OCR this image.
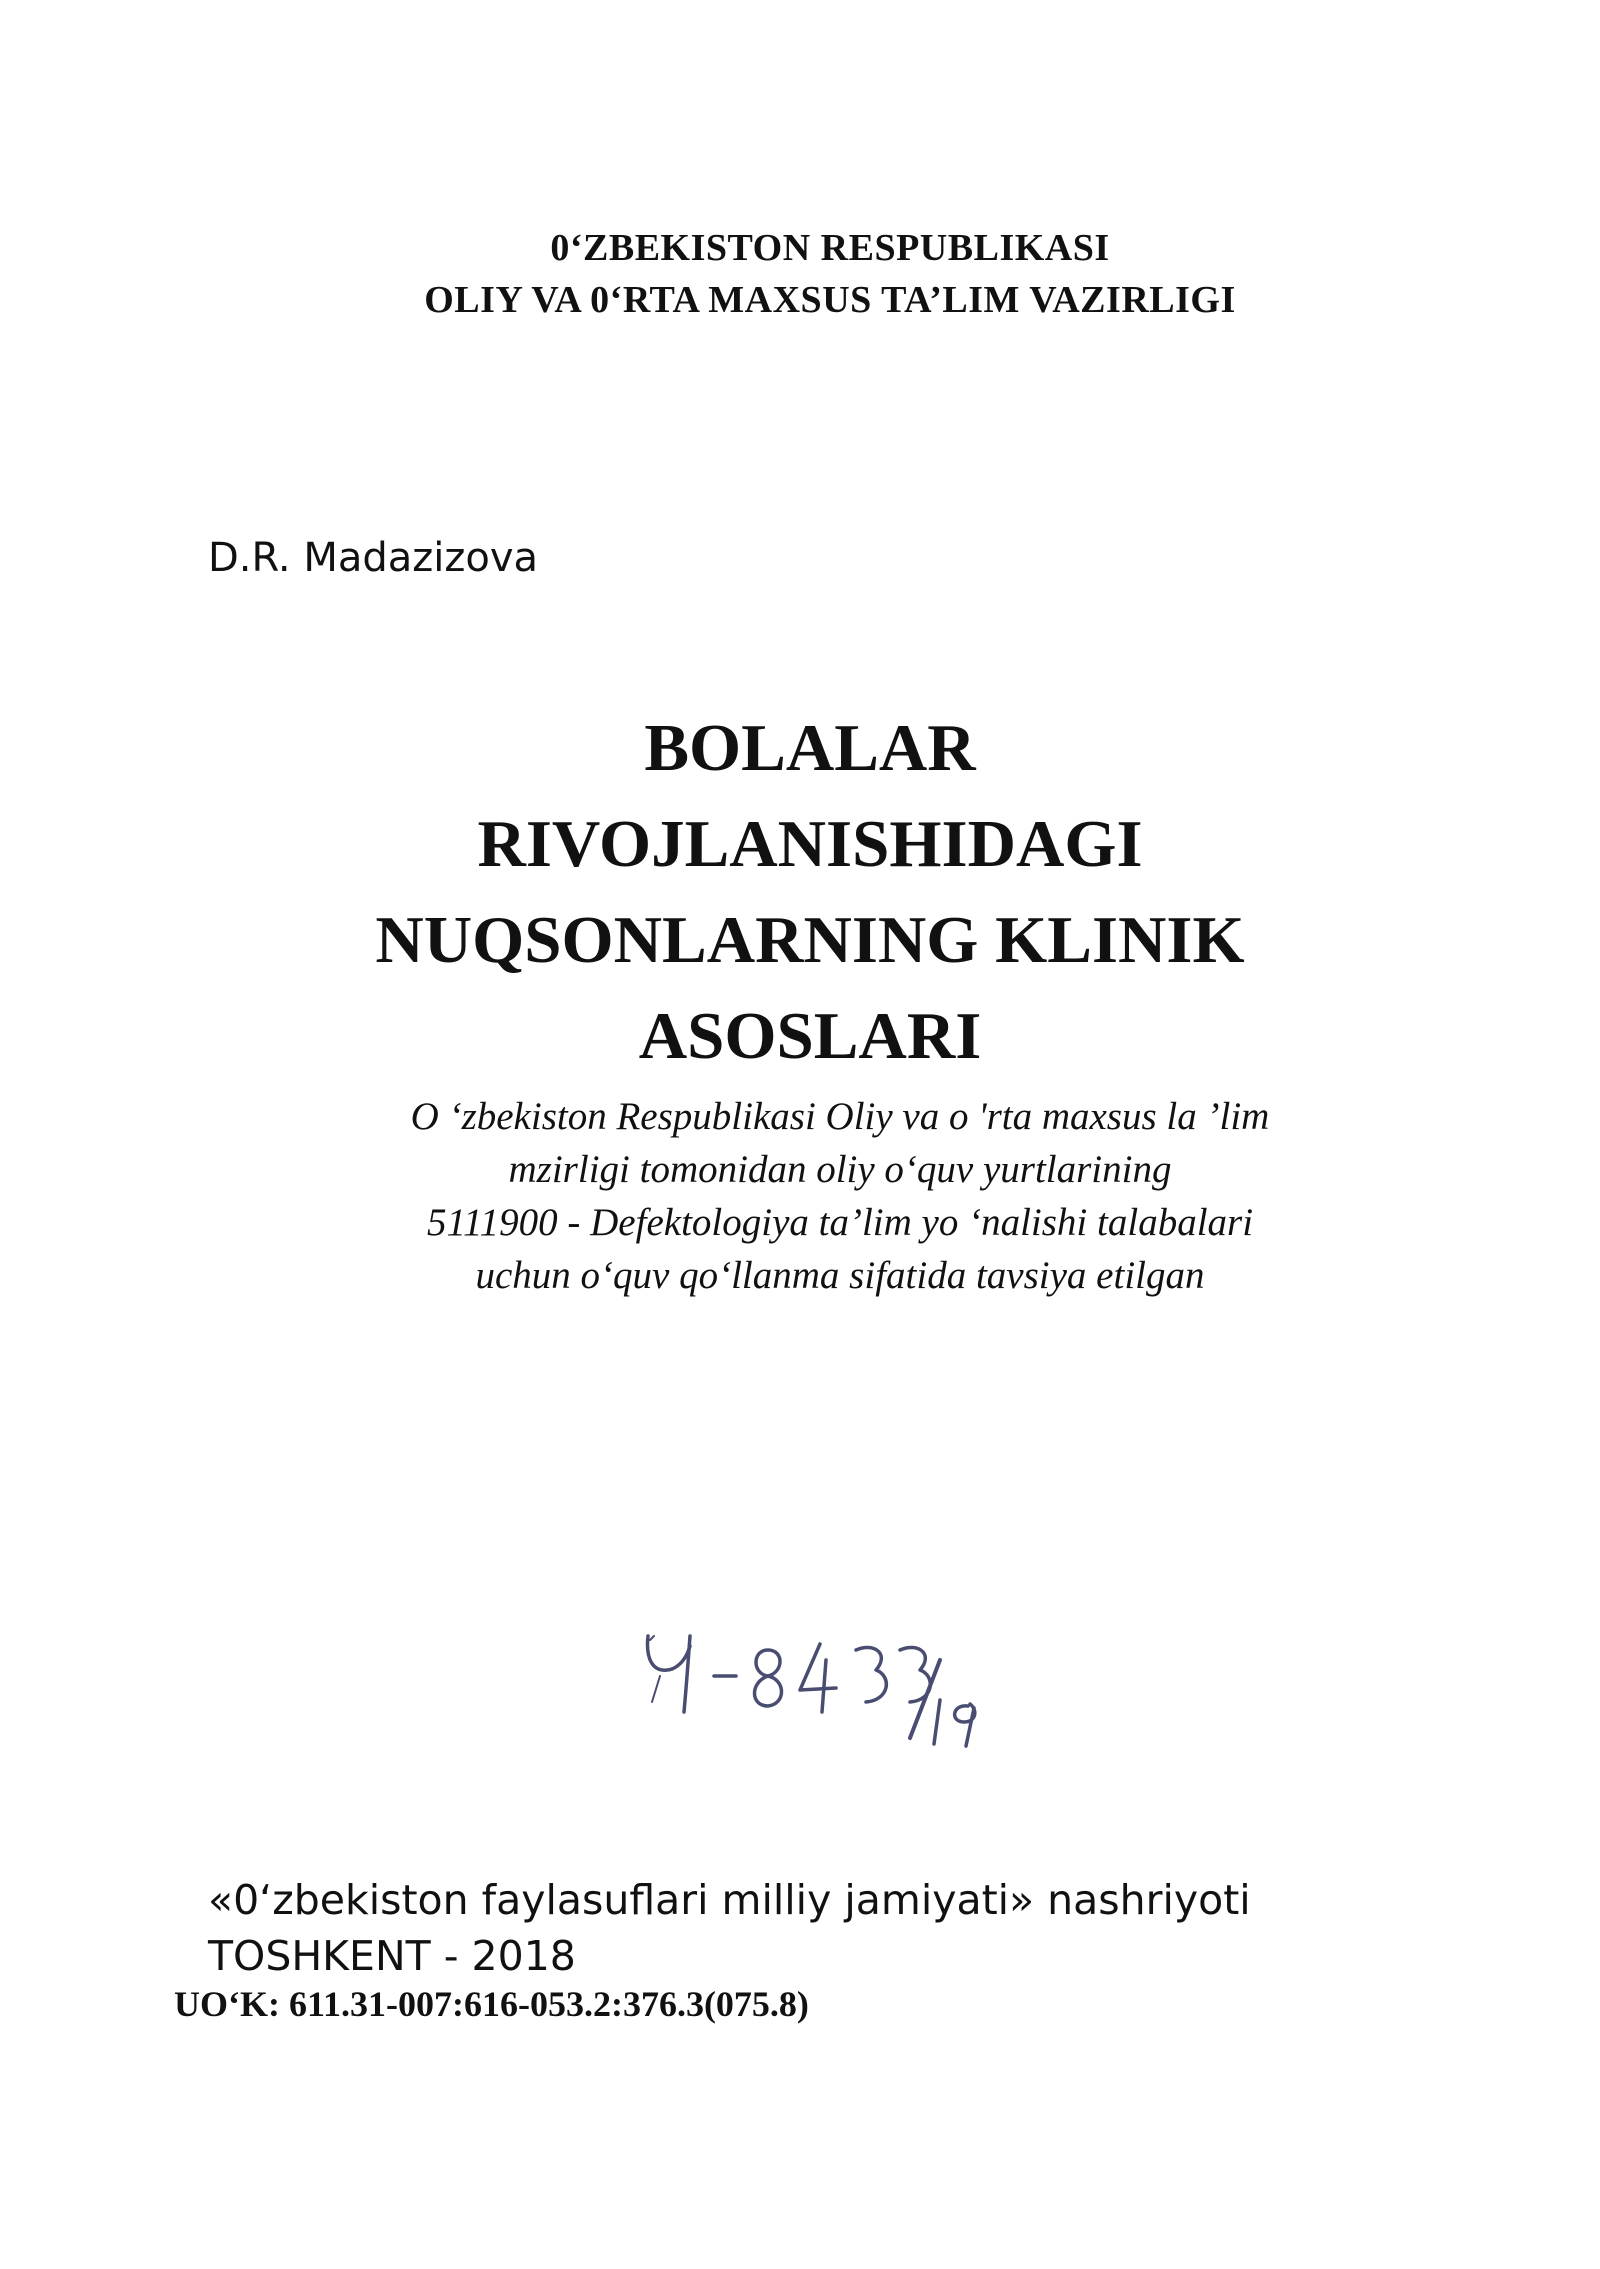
0‘ZBEKISTON RESPUBLIKASI
OLIY VA 0‘RTA MAXSUS TA’LIM VAZIRLIGI
D.R. Madazizova
BOLALAR
RIVOJLANISHIDAGI
NUQSONLARNING KLINIK
ASOSLARI
O ‘zbekiston Respublikasi Oliy va o 'rta maxsus la ’lim
mzirligi tomonidan oliy o‘quv yurtlarining
5111900 - Defektologiya ta’lim yo ‘nalishi talabalari
uchun o‘quv qo‘llanma sifatida tavsiya etilgan
«0‘zbekiston faylasuflari milliy jamiyati» nashriyoti
TOSHKENT - 2018
UO‘K: 611.31-007:616-053.2:376.3(075.8)
